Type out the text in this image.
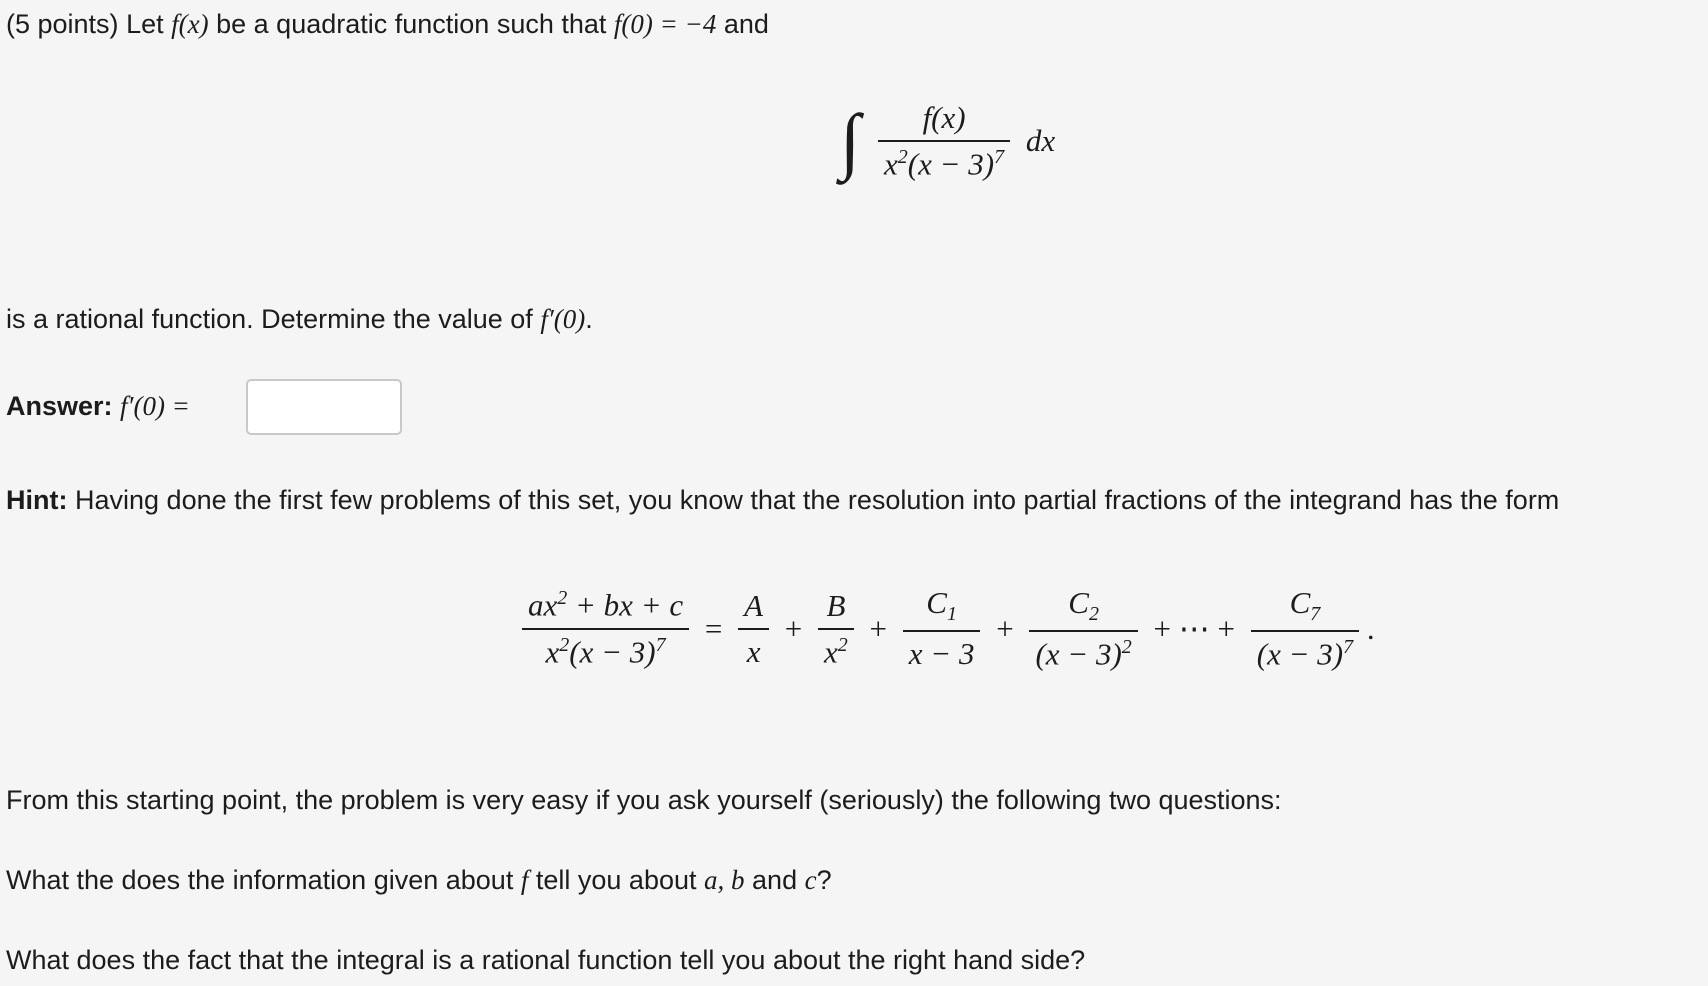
(5 points) Let f(x) be a quadratic function such that f(0) = −4 and
∫ $\frac{f(x)}{x^2(x - 3)^7}$ dx
is a rational function. Determine the value of f′(0).
Answer: f′(0) =
Hint: Having done the first few problems of this set, you know that the resolution into partial fractions of the integrand has the form
$\frac{ax^2 + bx + c}{x^2(x - 3)^7} = \frac{A}{x} + \frac{B}{x^2} + \frac{C_1}{x - 3} + \frac{C_2}{(x - 3)^2}$ + ⋯ + $\frac{C_7}{(x - 3)^7}$ .
From this starting point, the problem is very easy if you ask yourself (seriously) the following two questions:
What the does the information given about f tell you about a, b and c?
What does the fact that the integral is a rational function tell you about the right hand side?
